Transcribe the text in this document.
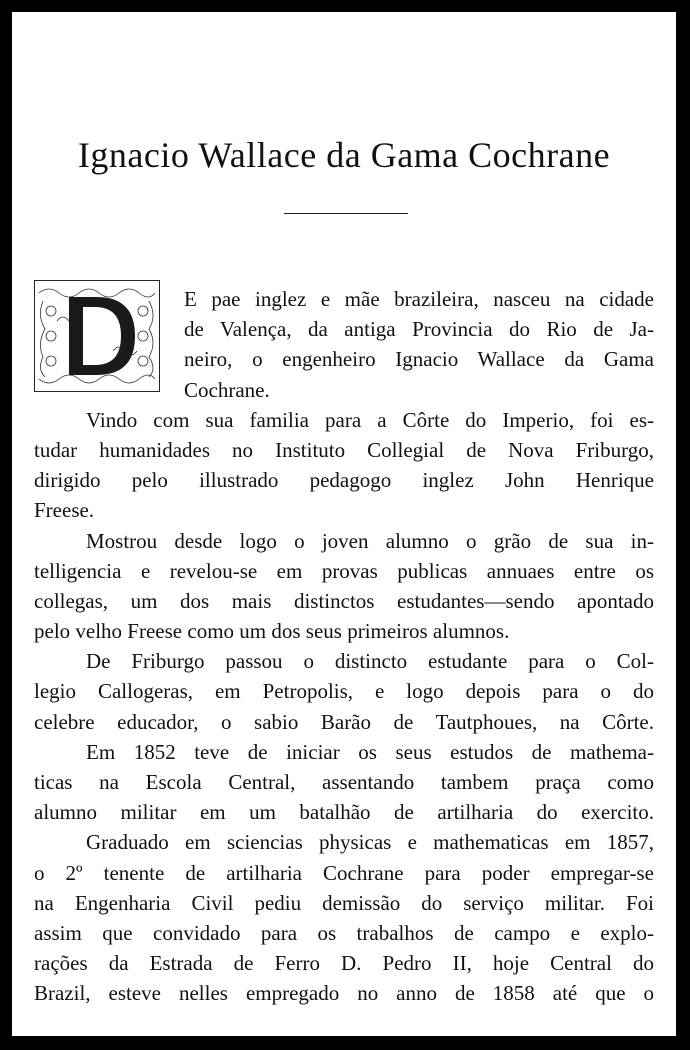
Ignacio Wallace da Gama Cochrane
E pae inglez e mãe brazileira, nasceu na cidade
de Valença, da antiga Provincia do Rio de Ja-
neiro, o engenheiro Ignacio Wallace da Gama
Cochrane.
Vindo com sua familia para a Côrte do Imperio, foi es-
tudar humanidades no Instituto Collegial de Nova Friburgo,
dirigido pelo illustrado pedagogo inglez John Henrique
Freese.
Mostrou desde logo o joven alumno o grão de sua in-
telligencia e revelou-se em provas publicas annuaes entre os
collegas, um dos mais distinctos estudantes—sendo apontado
pelo velho Freese como um dos seus primeiros alumnos.
De Friburgo passou o distincto estudante para o Col-
legio Callogeras, em Petropolis, e logo depois para o do
celebre educador, o sabio Barão de Tautphoues, na Côrte.
Em 1852 teve de iniciar os seus estudos de mathema-
ticas na Escola Central, assentando tambem praça como
alumno militar em um batalhão de artilharia do exercito.
Graduado em sciencias physicas e mathematicas em 1857,
o 2º tenente de artilharia Cochrane para poder empregar-se
na Engenharia Civil pediu demissão do serviço militar. Foi
assim que convidado para os trabalhos de campo e explo-
rações da Estrada de Ferro D. Pedro II, hoje Central do
Brazil, esteve nelles empregado no anno de 1858 até que o
